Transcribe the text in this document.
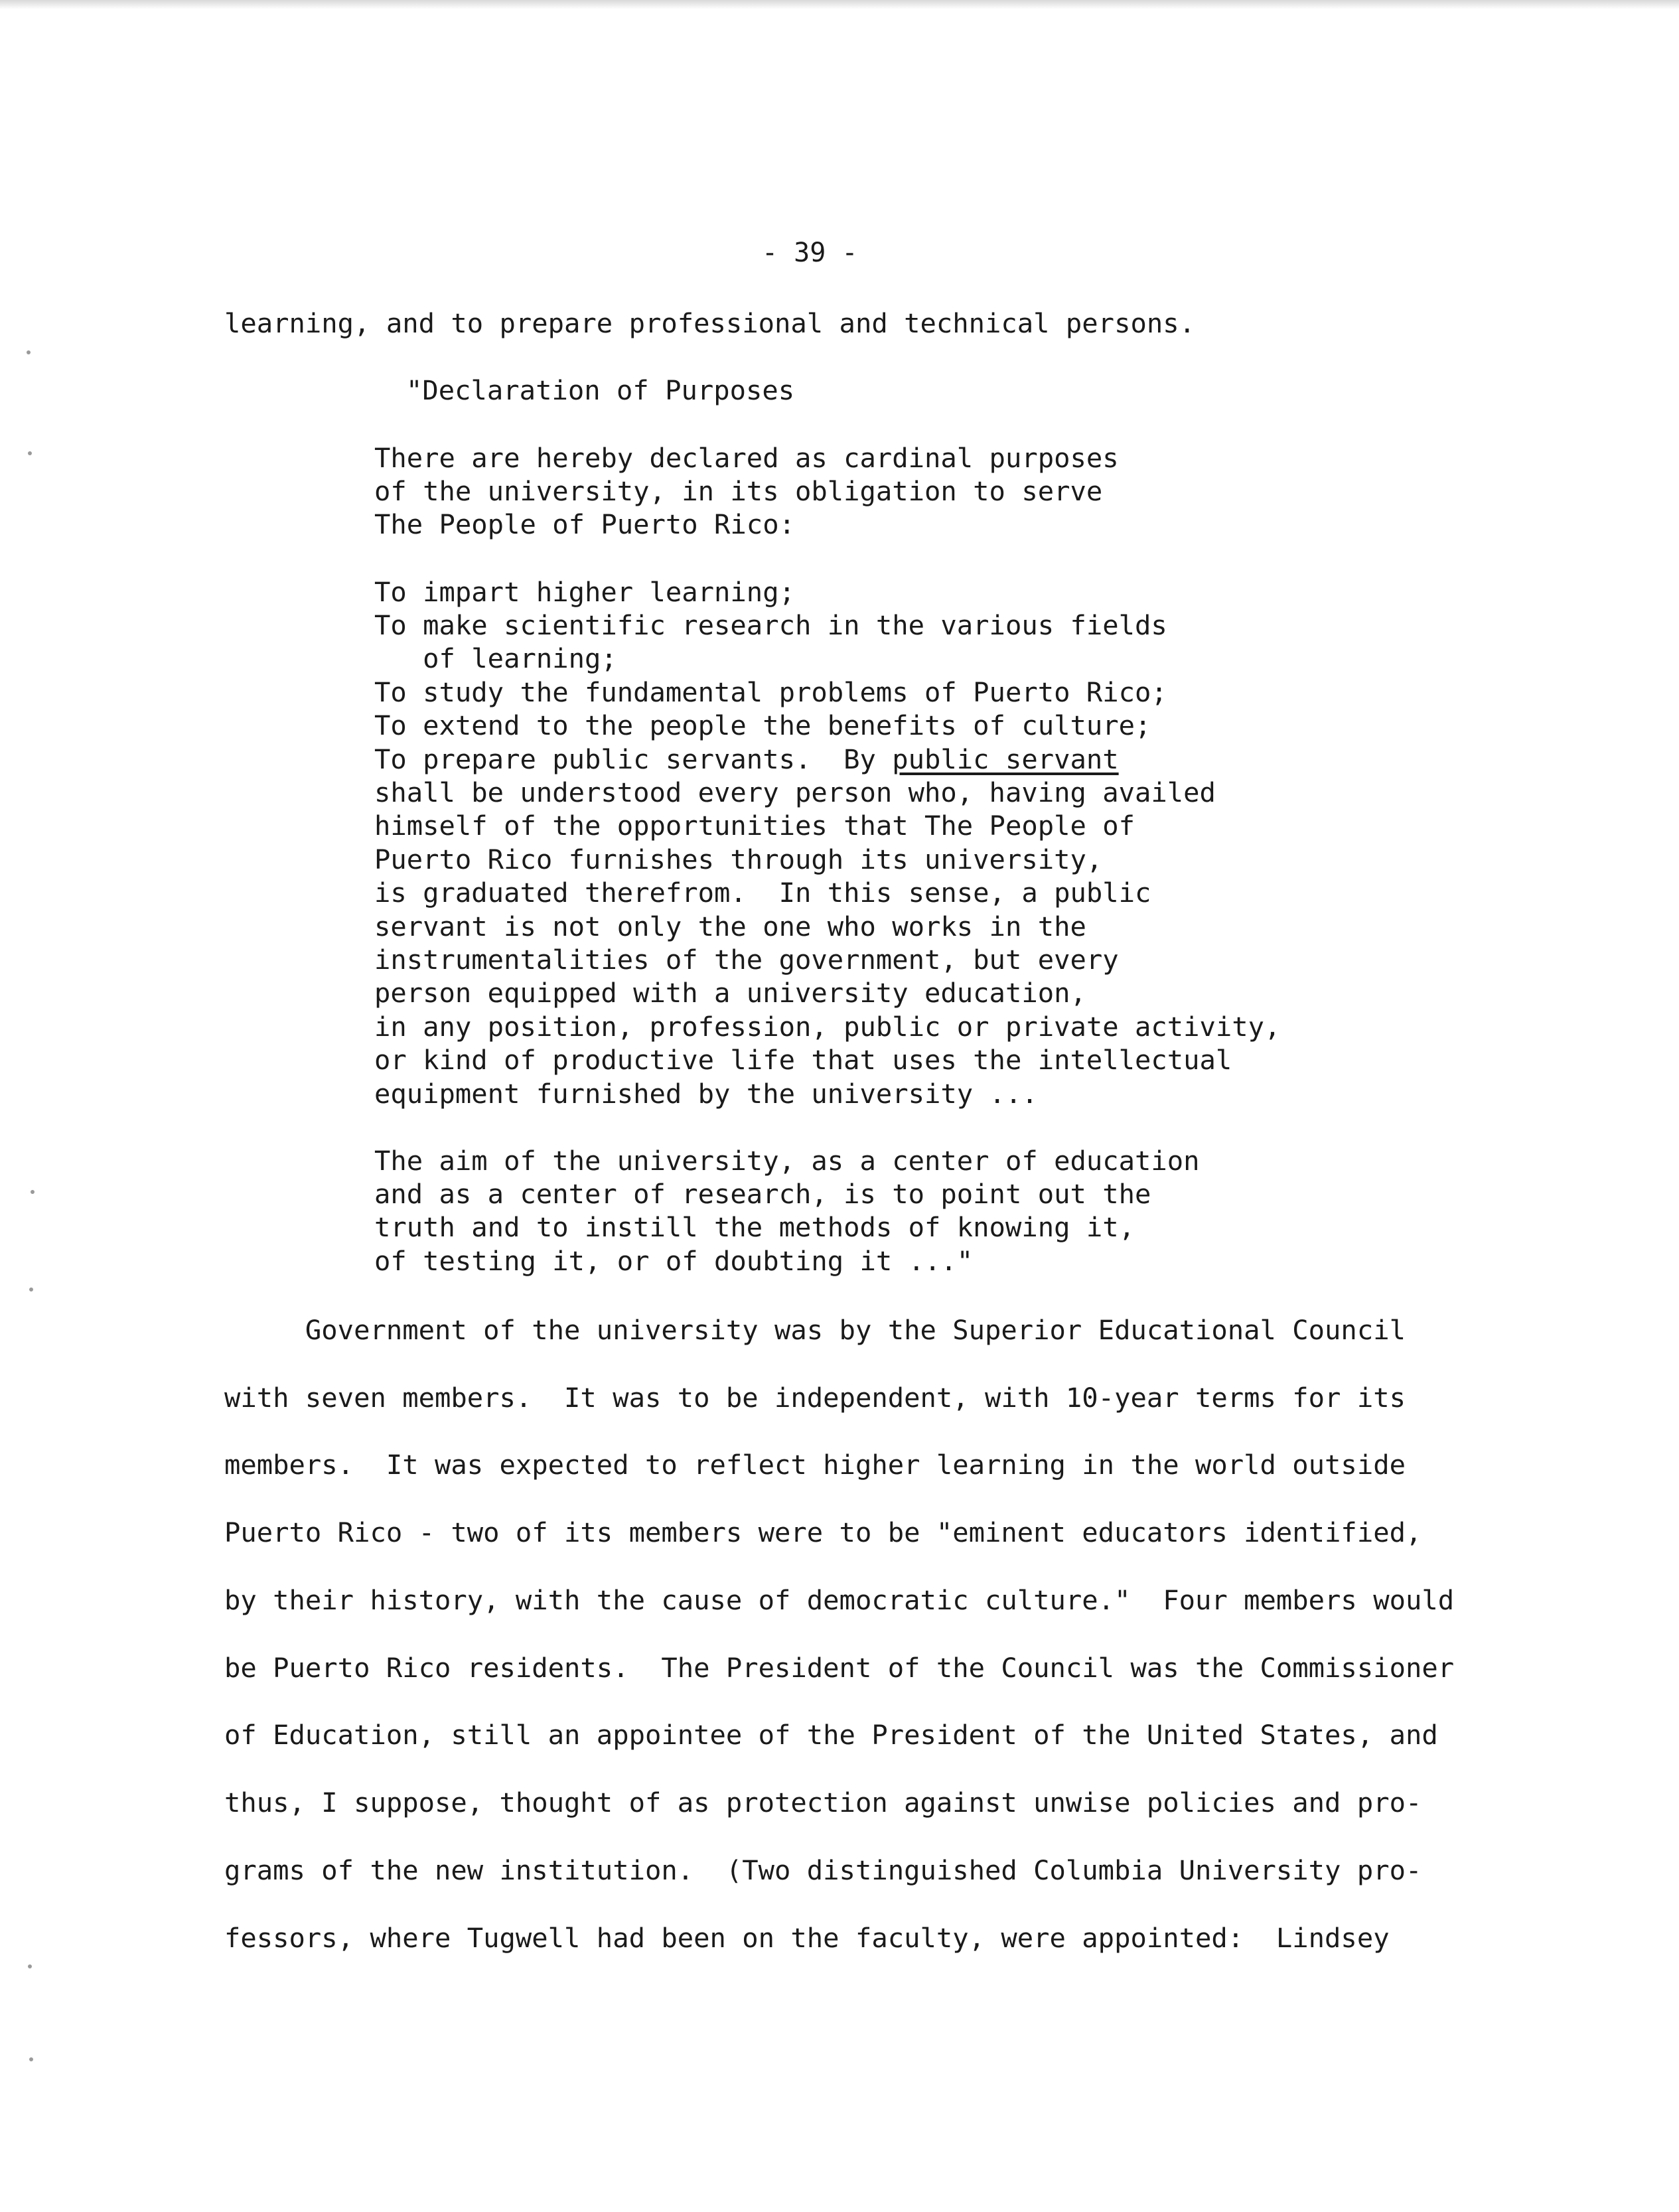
- 39 -
learning, and to prepare professional and technical persons.
"Declaration of Purposes
There are hereby declared as cardinal purposes
of the university, in its obligation to serve
The People of Puerto Rico:
To impart higher learning;
To make scientific research in the various fields
of learning;
To study the fundamental problems of Puerto Rico;
To extend to the people the benefits of culture;
To prepare public servants.  By public servant
shall be understood every person who, having availed
himself of the opportunities that The People of
Puerto Rico furnishes through its university,
is graduated therefrom.  In this sense, a public
servant is not only the one who works in the
instrumentalities of the government, but every
person equipped with a university education,
in any position, profession, public or private activity,
or kind of productive life that uses the intellectual
equipment furnished by the university ...
The aim of the university, as a center of education
and as a center of research, is to point out the
truth and to instill the methods of knowing it,
of testing it, or of doubting it ..."
Government of the university was by the Superior Educational Council
with seven members.  It was to be independent, with 10-year terms for its
members.  It was expected to reflect higher learning in the world outside
Puerto Rico - two of its members were to be "eminent educators identified,
by their history, with the cause of democratic culture."  Four members would
be Puerto Rico residents.  The President of the Council was the Commissioner
of Education, still an appointee of the President of the United States, and
thus, I suppose, thought of as protection against unwise policies and pro-
grams of the new institution.  (Two distinguished Columbia University pro-
fessors, where Tugwell had been on the faculty, were appointed:  Lindsey
